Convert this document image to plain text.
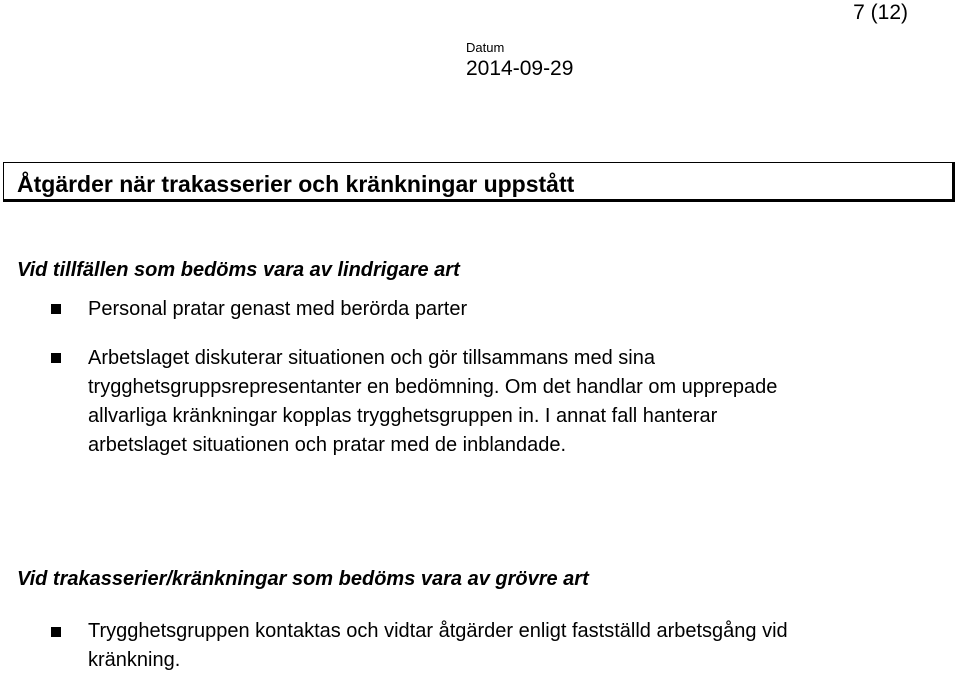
7 (12)
Datum
2014-09-29
Åtgärder när trakasserier och kränkningar uppstått
Vid tillfällen som bedöms vara av lindrigare art
Personal pratar genast med berörda parter
Arbetslaget diskuterar situationen och gör tillsammans med sina trygghetsgruppsrepresentanter en bedömning. Om det handlar om upprepade allvarliga kränkningar kopplas trygghetsgruppen in. I annat fall hanterar arbetslaget situationen och pratar med de inblandade.
Vid trakasserier/kränkningar som bedöms vara av grövre art
Trygghetsgruppen kontaktas och vidtar åtgärder enligt fastställd arbetsgång vid kränkning.
